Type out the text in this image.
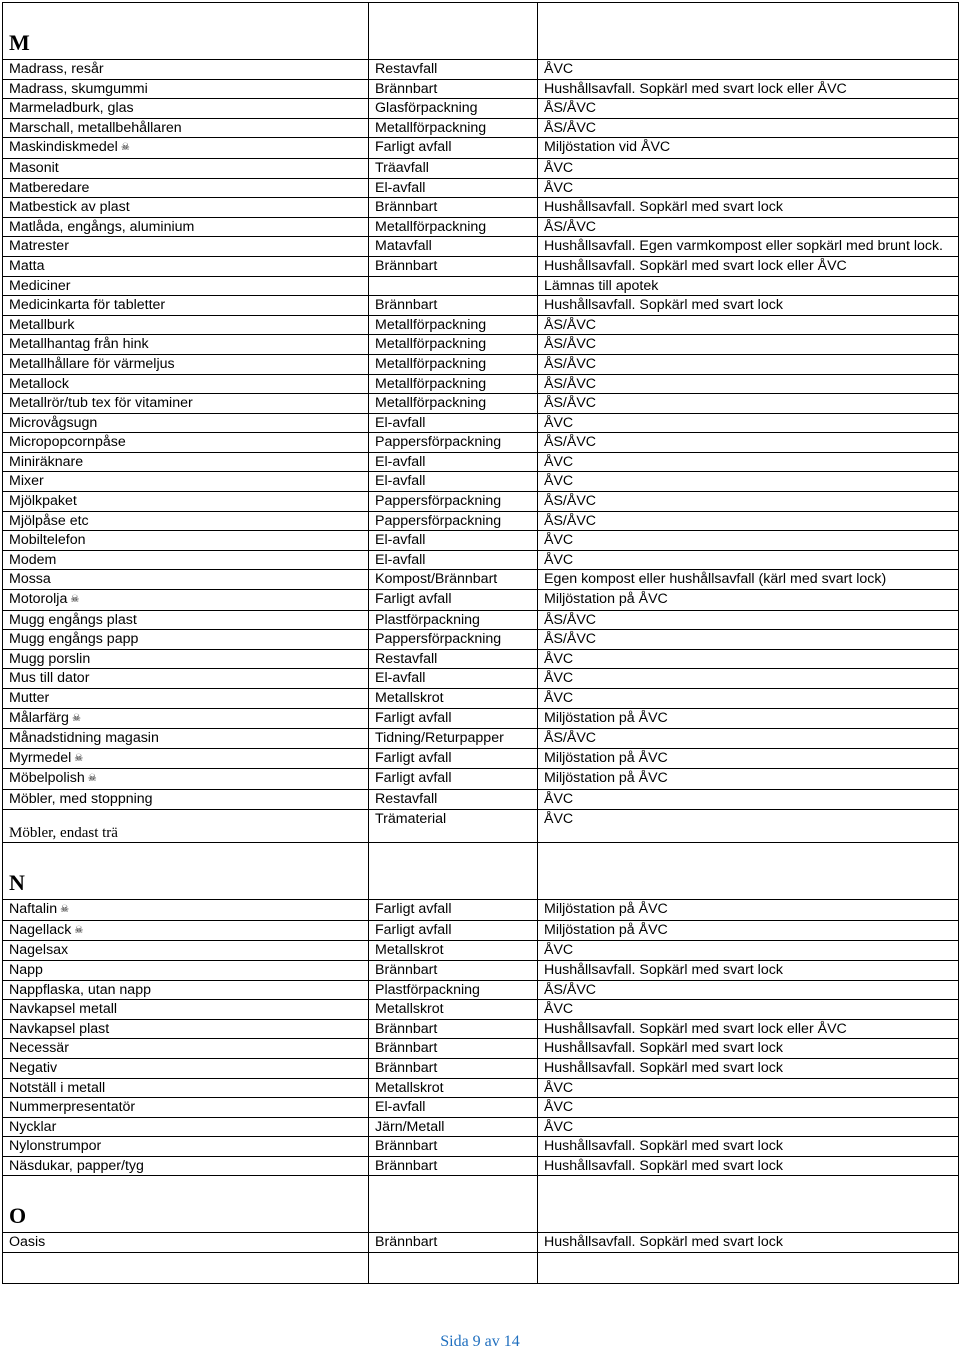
M		
Madrass, resår	Restavfall	ÅVC
Madrass, skumgummi	Brännbart	Hushållsavfall. Sopkärl med svart lock eller ÅVC
Marmeladburk, glas	Glasförpackning	ÅS/ÅVC
Marschall, metallbehållaren	Metallförpackning	ÅS/ÅVC
Maskindiskmedel ☠	Farligt avfall	Miljöstation vid ÅVC
Masonit	Träavfall	ÅVC
Matberedare	El-avfall	ÅVC
Matbestick av plast	Brännbart	Hushållsavfall. Sopkärl med svart lock
Matlåda, engångs, aluminium	Metallförpackning	ÅS/ÅVC
Matrester	Matavfall	Hushållsavfall. Egen varmkompost eller sopkärl med brunt lock.
Matta	Brännbart	Hushållsavfall. Sopkärl med svart lock eller ÅVC
Mediciner		Lämnas till apotek
Medicinkarta för tabletter	Brännbart	Hushållsavfall. Sopkärl med svart lock
Metallburk	Metallförpackning	ÅS/ÅVC
Metallhantag från hink	Metallförpackning	ÅS/ÅVC
Metallhållare för värmeljus	Metallförpackning	ÅS/ÅVC
Metallock	Metallförpackning	ÅS/ÅVC
Metallrör/tub tex för vitaminer	Metallförpackning	ÅS/ÅVC
Microvågsugn	El-avfall	ÅVC
Micropopcornpåse	Pappersförpackning	ÅS/ÅVC
Miniräknare	El-avfall	ÅVC
Mixer	El-avfall	ÅVC
Mjölkpaket	Pappersförpackning	ÅS/ÅVC
Mjölpåse etc	Pappersförpackning	ÅS/ÅVC
Mobiltelefon	El-avfall	ÅVC
Modem	El-avfall	ÅVC
Mossa	Kompost/Brännbart	Egen kompost eller hushållsavfall (kärl med svart lock)
Motorolja ☠	Farligt avfall	Miljöstation på ÅVC
Mugg engångs plast	Plastförpackning	ÅS/ÅVC
Mugg engångs papp	Pappersförpackning	ÅS/ÅVC
Mugg porslin	Restavfall	ÅVC
Mus till dator	El-avfall	ÅVC
Mutter	Metallskrot	ÅVC
Målarfärg ☠	Farligt avfall	Miljöstation på ÅVC
Månadstidning magasin	Tidning/Returpapper	ÅS/ÅVC
Myrmedel ☠	Farligt avfall	Miljöstation på ÅVC
Möbelpolish ☠	Farligt avfall	Miljöstation på ÅVC
Möbler, med stoppning	Restavfall	ÅVC
Möbler, endast trä	Trämaterial	ÅVC
N		
Naftalin ☠	Farligt avfall	Miljöstation på ÅVC
Nagellack ☠	Farligt avfall	Miljöstation på ÅVC
Nagelsax	Metallskrot	ÅVC
Napp	Brännbart	Hushållsavfall. Sopkärl med svart lock
Nappflaska, utan napp	Plastförpackning	ÅS/ÅVC
Navkapsel metall	Metallskrot	ÅVC
Navkapsel plast	Brännbart	Hushållsavfall. Sopkärl med svart lock eller ÅVC
Necessär	Brännbart	Hushållsavfall. Sopkärl med svart lock
Negativ	Brännbart	Hushållsavfall. Sopkärl med svart lock
Notställ i metall	Metallskrot	ÅVC
Nummerpresentatör	El-avfall	ÅVC
Nycklar	Järn/Metall	ÅVC
Nylonstrumpor	Brännbart	Hushållsavfall. Sopkärl med svart lock
Näsdukar, papper/tyg	Brännbart	Hushållsavfall. Sopkärl med svart lock
O		
Oasis	Brännbart	Hushållsavfall. Sopkärl med svart lock

Sida 9 av 14
